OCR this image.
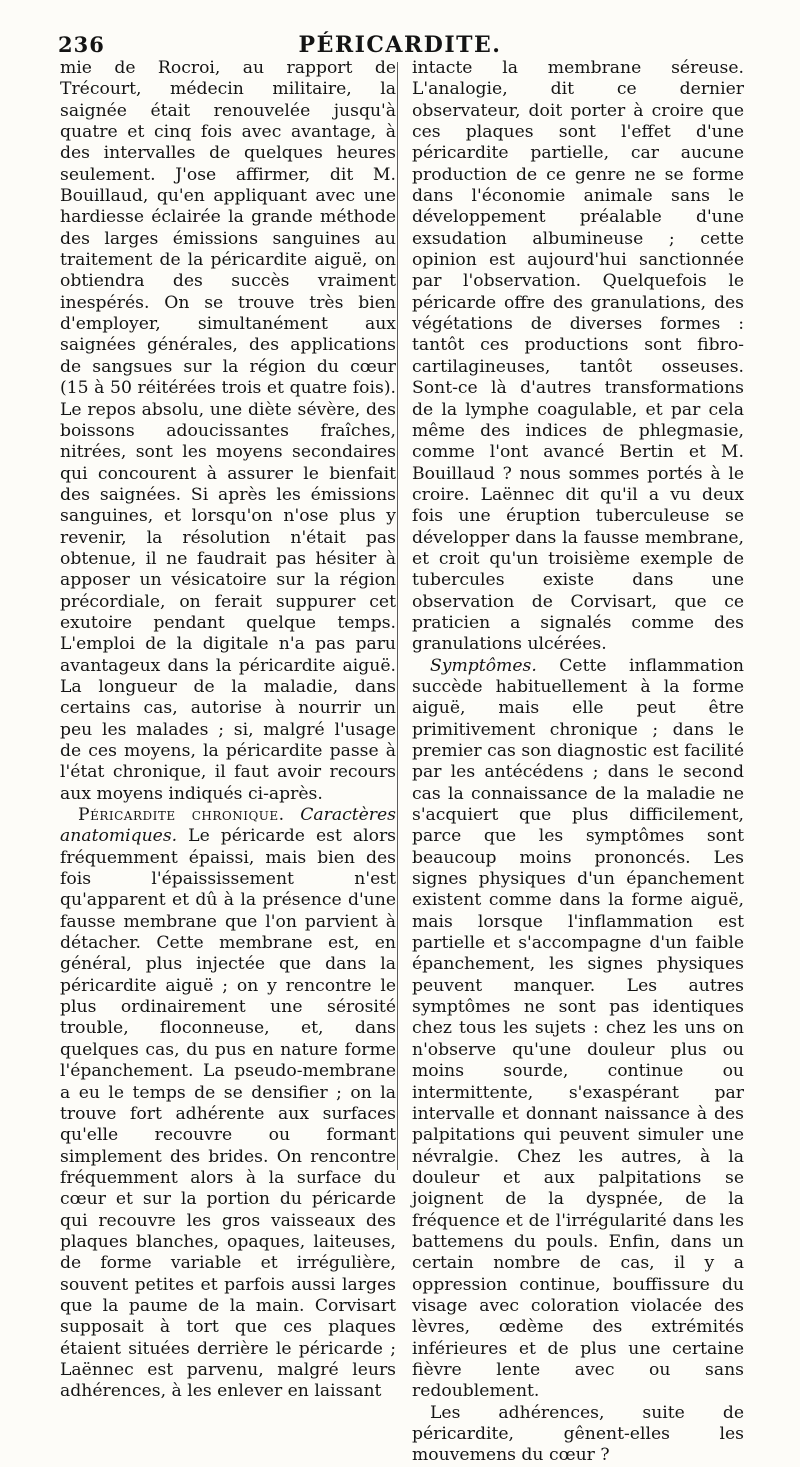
236	PÉRICARDITE.

mie de Rocroi, au rapport de Trécourt, médecin militaire, la saignée était renouvelée jusqu'à quatre et cinq fois avec avantage, à des intervalles de quelques heures seulement. J'ose affirmer, dit M. Bouillaud, qu'en appliquant avec une hardiesse éclairée la grande méthode des larges émissions sanguines au traitement de la péricardite aiguë, on obtiendra des succès vraiment inespérés. On se trouve très bien d'employer, simultanément aux saignées générales, des applications de sangsues sur la région du cœur (15 à 50 réitérées trois et quatre fois). Le repos absolu, une diète sévère, des boissons adoucissantes fraîches, nitrées, sont les moyens secondaires qui concourent à assurer le bienfait des saignées. Si après les émissions sanguines, et lorsqu'on n'ose plus y revenir, la résolution n'était pas obtenue, il ne faudrait pas hésiter à apposer un vésicatoire sur la région précordiale, on ferait suppurer cet exutoire pendant quelque temps. L'emploi de la digitale n'a pas paru avantageux dans la péricardite aiguë. La longueur de la maladie, dans certains cas, autorise à nourrir un peu les malades ; si, malgré l'usage de ces moyens, la péricardite passe à l'état chronique, il faut avoir recours aux moyens indiqués ci-après.

Péricardite chronique. Caractères anatomiques. Le péricarde est alors fréquemment épaissi, mais bien des fois l'épaississement n'est qu'apparent et dû à la présence d'une fausse membrane que l'on parvient à détacher. Cette membrane est, en général, plus injectée que dans la péricardite aiguë ; on y rencontre le plus ordinairement une sérosité trouble, floconneuse, et, dans quelques cas, du pus en nature forme l'épanchement. La pseudo-membrane a eu le temps de se densifier ; on la trouve fort adhérente aux surfaces qu'elle recouvre ou formant simplement des brides. On rencontre fréquemment alors à la surface du cœur et sur la portion du péricarde qui recouvre les gros vaisseaux des plaques blanches, opaques, laiteuses, de forme variable et irrégulière, souvent petites et parfois aussi larges que la paume de la main. Corvisart supposait à tort que ces plaques étaient situées derrière le péricarde ; Laënnec est parvenu, malgré leurs adhérences, à les enlever en laissant

intacte la membrane séreuse. L'analogie, dit ce dernier observateur, doit porter à croire que ces plaques sont l'effet d'une péricardite partielle, car aucune production de ce genre ne se forme dans l'économie animale sans le développement préalable d'une exsudation albumineuse ; cette opinion est aujourd'hui sanctionnée par l'observation. Quelquefois le péricarde offre des granulations, des végétations de diverses formes : tantôt ces productions sont fibro-cartilagineuses, tantôt osseuses. Sont-ce là d'autres transformations de la lymphe coagulable, et par cela même des indices de phlegmasie, comme l'ont avancé Bertin et M. Bouillaud ? nous sommes portés à le croire. Laënnec dit qu'il a vu deux fois une éruption tuberculeuse se développer dans la fausse membrane, et croit qu'un troisième exemple de tubercules existe dans une observation de Corvisart, que ce praticien a signalés comme des granulations ulcérées.

Symptômes. Cette inflammation succède habituellement à la forme aiguë, mais elle peut être primitivement chronique ; dans le premier cas son diagnostic est facilité par les antécédens ; dans le second cas la connaissance de la maladie ne s'acquiert que plus difficilement, parce que les symptômes sont beaucoup moins prononcés. Les signes physiques d'un épanchement existent comme dans la forme aiguë, mais lorsque l'inflammation est partielle et s'accompagne d'un faible épanchement, les signes physiques peuvent manquer. Les autres symptômes ne sont pas identiques chez tous les sujets : chez les uns on n'observe qu'une douleur plus ou moins sourde, continue ou intermittente, s'exaspérant par intervalle et donnant naissance à des palpitations qui peuvent simuler une névralgie. Chez les autres, à la douleur et aux palpitations se joignent de la dyspnée, de la fréquence et de l'irrégularité dans les battemens du pouls. Enfin, dans un certain nombre de cas, il y a oppression continue, bouffissure du visage avec coloration violacée des lèvres, œdème des extrémités inférieures et de plus une certaine fièvre lente avec ou sans redoublement.

Les adhérences, suite de péricardite, gênent-elles les mouvemens du cœur ?
